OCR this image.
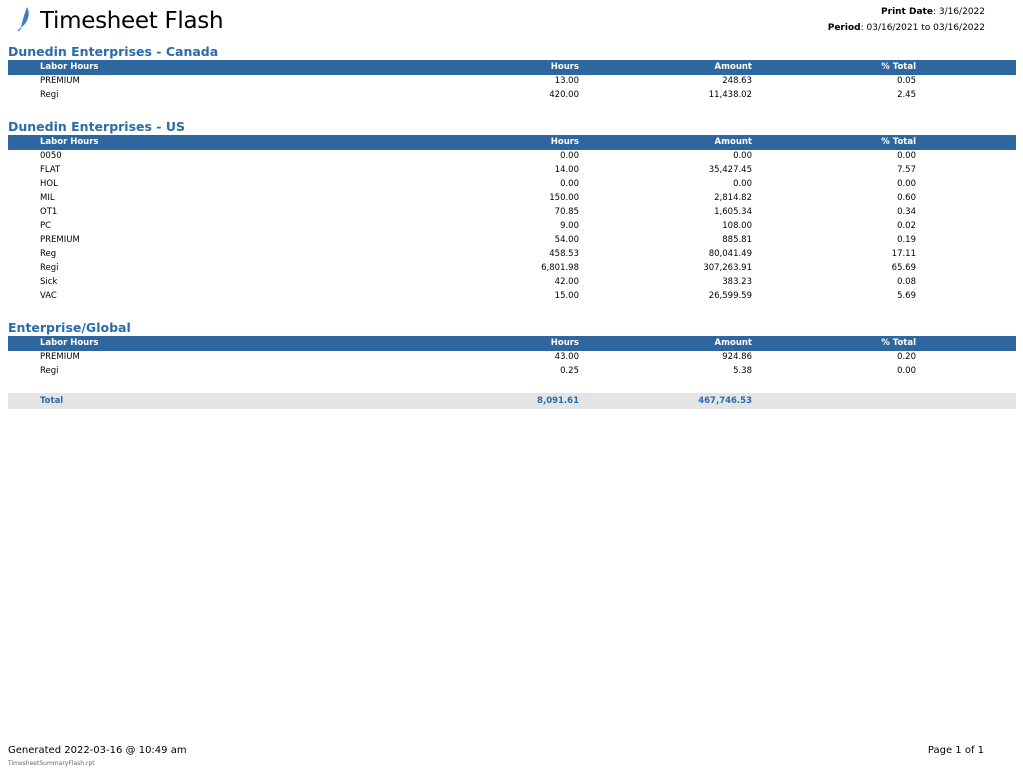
Timesheet Flash	Print Date: 3/16/2022
Period: 03/16/2021 to 03/16/2022
Dunedin Enterprises - Canada
Labor Hours	Hours	Amount	% Total
PREMIUM	13.00	248.63	0.05
Regi	420.00	11,438.02	2.45
Dunedin Enterprises - US
Labor Hours	Hours	Amount	% Total
0050	0.00	0.00	0.00
FLAT	14.00	35,427.45	7.57
HOL	0.00	0.00	0.00
MIL	150.00	2,814.82	0.60
OT1	70.85	1,605.34	0.34
PC	9.00	108.00	0.02
PREMIUM	54.00	885.81	0.19
Reg	458.53	80,041.49	17.11
Regi	6,801.98	307,263.91	65.69
Sick	42.00	383.23	0.08
VAC	15.00	26,599.59	5.69
Enterprise/Global
Labor Hours	Hours	Amount	% Total
PREMIUM	43.00	924.86	0.20
Regi	0.25	5.38	0.00
Total	8,091.61	467,746.53
Generated 2022-03-16 @ 10:49 am	Page 1 of 1
TimesheetSummaryFlash.rpt
